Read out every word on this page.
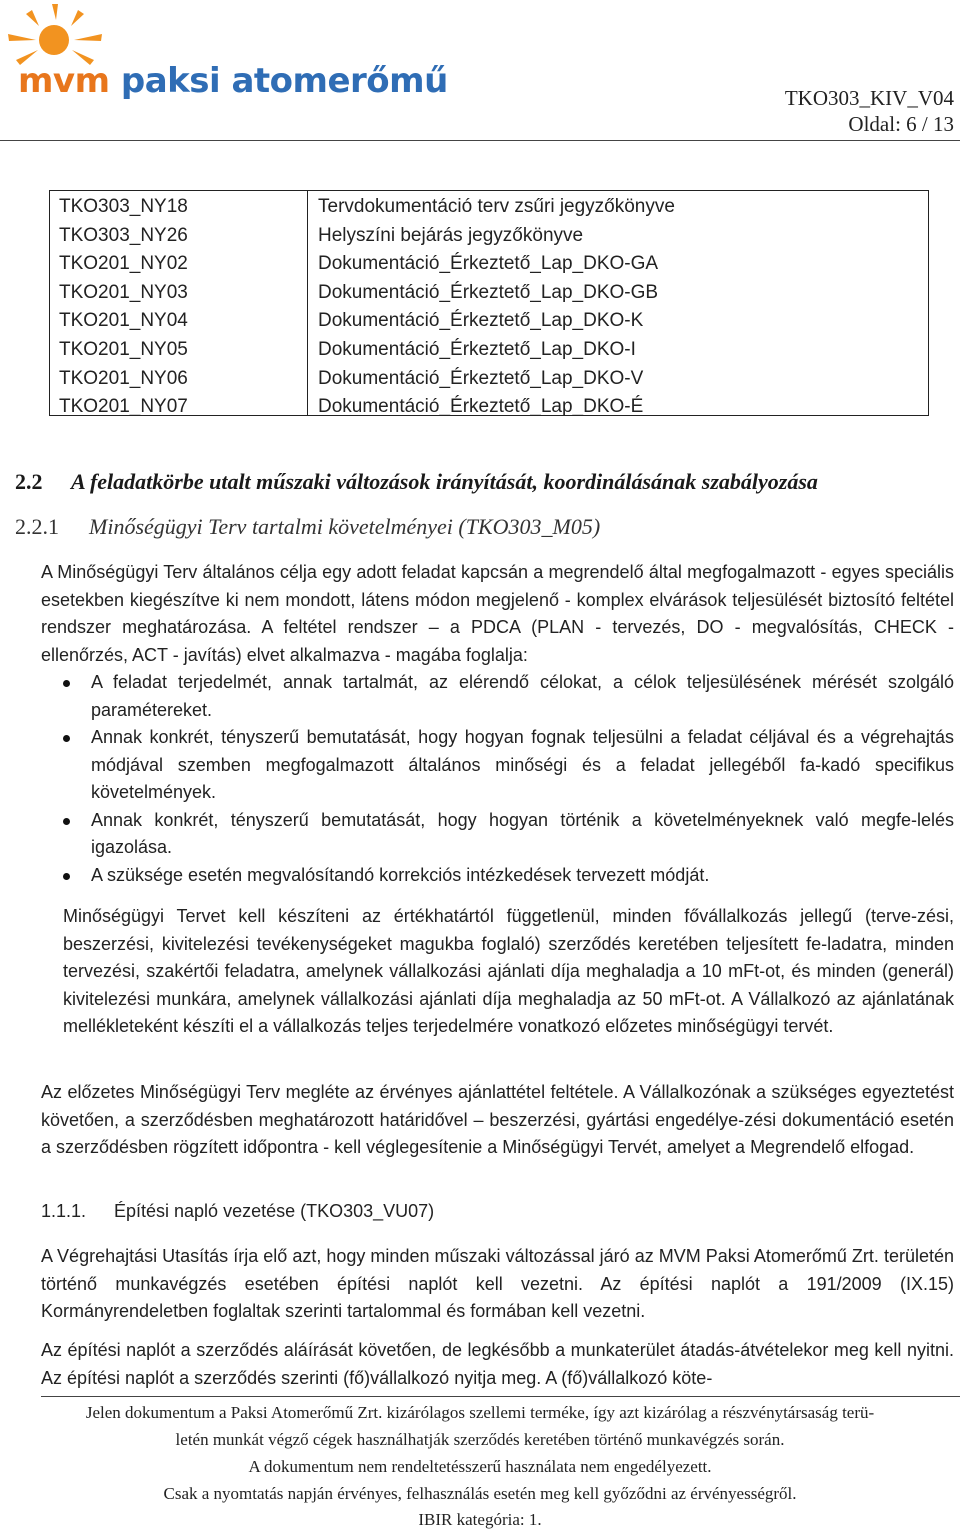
mvm paksi atomerőmű	TKO303_KIV_V04
Oldal: 6 / 13
TKO303_NY18
TKO303_NY26
TKO201_NY02
TKO201_NY03
TKO201_NY04
TKO201_NY05
TKO201_NY06
TKO201_NY07
Tervdokumentáció terv zsűri jegyzőkönyve
Helyszíni bejárás jegyzőkönyve
Dokumentáció_Érkeztető_Lap_DKO-GA
Dokumentáció_Érkeztető_Lap_DKO-GB
Dokumentáció_Érkeztető_Lap_DKO-K
Dokumentáció_Érkeztető_Lap_DKO-I
Dokumentáció_Érkeztető_Lap_DKO-V
Dokumentáció_Érkeztető_Lap_DKO-É
2.2 A feladatkörbe utalt műszaki változások irányítását, koordinálásának szabályozása
2.2.1 Minőségügyi Terv tartalmi követelményei (TKO303_M05)

A Minőségügyi Terv általános célja egy adott feladat kapcsán a megrendelő által megfogalmazott - egyes speciális esetekben kiegészítve ki nem mondott, látens módon megjelenő - komplex elvárások teljesülését biztosító feltétel rendszer meghatározása. A feltétel rendszer – a PDCA (PLAN - tervezés, DO - megvalósítás, CHECK - ellenőrzés, ACT - javítás) elvet alkalmazva - magába foglalja:

A feladat terjedelmét, annak tartalmát, az elérendő célokat, a célok teljesülésének mérését szolgáló paramétereket.
Annak konkrét, tényszerű bemutatását, hogy hogyan fognak teljesülni a feladat céljával és a végrehajtás módjával szemben megfogalmazott általános minőségi és a feladat jellegéből fa-kadó specifikus követelmények.
Annak konkrét, tényszerű bemutatását, hogy hogyan történik a követelményeknek való megfe-lelés igazolása.
A szüksége esetén megvalósítandó korrekciós intézkedések tervezett módját.

Minőségügyi Tervet kell készíteni az értékhatártól függetlenül, minden fővállalkozás jellegű (terve-zési, beszerzési, kivitelezési tevékenységeket magukba foglaló) szerződés keretében teljesített fe-ladatra, minden tervezési, szakértői feladatra, amelynek vállalkozási ajánlati díja meghaladja a 10 mFt-ot, és minden (generál) kivitelezési munkára, amelynek vállalkozási ajánlati díja meghaladja az 50 mFt-ot. A Vállalkozó az ajánlatának mellékleteként készíti el a vállalkozás teljes terjedelmére vonatkozó előzetes minőségügyi tervét.

Az előzetes Minőségügyi Terv megléte az érvényes ajánlattétel feltétele. A Vállalkozónak a szükséges egyeztetést követően, a szerződésben meghatározott határidővel – beszerzési, gyártási engedélye-zési dokumentáció esetén a szerződésben rögzített időpontra - kell véglegesítenie a Minőségügyi Tervét, amelyet a Megrendelő elfogad.

1.1.1. Építési napló vezetése (TKO303_VU07)

A Végrehajtási Utasítás írja elő azt, hogy minden műszaki változással járó az MVM Paksi Atomerőmű Zrt. területén történő munkavégzés esetében építési naplót kell vezetni. Az építési naplót a 191/2009 (IX.15) Kormányrendeletben foglaltak szerinti tartalommal és formában kell vezetni.

Az építési naplót a szerződés aláírását követően, de legkésőbb a munkaterület átadás-átvételekor meg kell nyitni. Az építési naplót a szerződés szerinti (fő)vállalkozó nyitja meg. A (fő)vállalkozó köte-

Jelen dokumentum a Paksi Atomerőmű Zrt. kizárólagos szellemi terméke, így azt kizárólag a részvénytársaság terü-
letén munkát végző cégek használhatják szerződés keretében történő munkavégzés során.
A dokumentum nem rendeltetésszerű használata nem engedélyezett.
Csak a nyomtatás napján érvényes, felhasználás esetén meg kell győződni az érvényességről.
IBIR kategória: 1.
